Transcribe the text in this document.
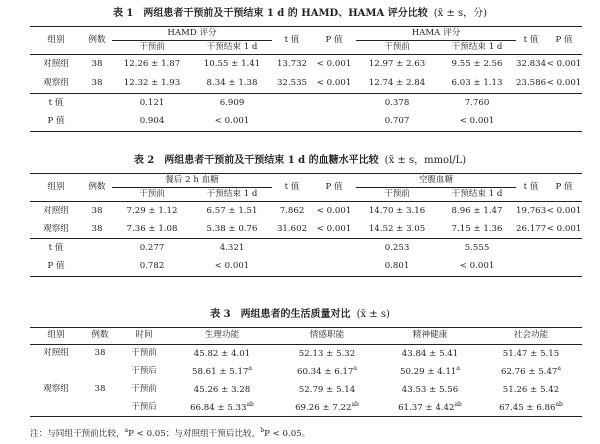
表 1 两组患者干预前及干预结束 1 d 的 HAMD、HAMA 评分比较 (x̄ ± s，分)
组别	例数	HAMD 评分		t 值	P 值	HAMA 评分		t 值	P 值
		干预前	干预结束 1 d			干预前	干预结束 1 d		
对照组	38	12.26 ± 1.87	10.55 ± 1.41	13.732	< 0.001	12.97 ± 2.63	9.55 ± 2.56	32.834	< 0.001
观察组	38	12.32 ± 1.93	8.34 ± 1.38	32.535	< 0.001	12.74 ± 2.84	6.03 ± 1.13	23.586	< 0.001
t 值		0.121	6.909			0.378	7.760		
P 值		0.904	< 0.001			0.707	< 0.001		
表 2 两组患者干预前及干预结束 1 d 的血糖水平比较 (x̄ ± s，mmol/L)
组别	例数	餐后 2 h 血糖		t 值	P 值	空腹血糖		t 值	P 值
		干预前	干预结束 1 d			干预前	干预结束 1 d		
对照组	38	7.29 ± 1.12	6.57 ± 1.51	7.862	< 0.001	14.70 ± 3.16	8.96 ± 1.47	19.763	< 0.001
观察组	38	7.36 ± 1.08	5.38 ± 0.76	31.602	< 0.001	14.52 ± 3.05	7.15 ± 1.36	26.177	< 0.001
t 值		0.277	4.321			0.253	5.555		
P 值		0.782	< 0.001			0.801	< 0.001		
表 3 两组患者的生活质量对比 (x̄ ± s)
组别	例数	时间	生理功能	情感职能	精神健康	社会功能
对照组	38	干预前	45.82 ± 4.01	52.13 ± 5.32	43.84 ± 5.41	51.47 ± 5.15
		干预后	58.61 ± 5.17$^a$	60.34 ± 6.17$^a$	50.29 ± 4.11$^a$	62.76 ± 5.47$^a$
观察组	38	干预前	45.26 ± 3.28	52.79 ± 5.14	43.53 ± 5.56	51.26 ± 5.42
		干预后	66.84 ± 5.33$^{ab}$	69.26 ± 7.22$^{ab}$	61.37 ± 4.42$^{ab}$	67.45 ± 6.86$^{ab}$
注：与同组干预前比较，$^a$P < 0.05；与对照组干预后比较，$^b$P < 0.05。
